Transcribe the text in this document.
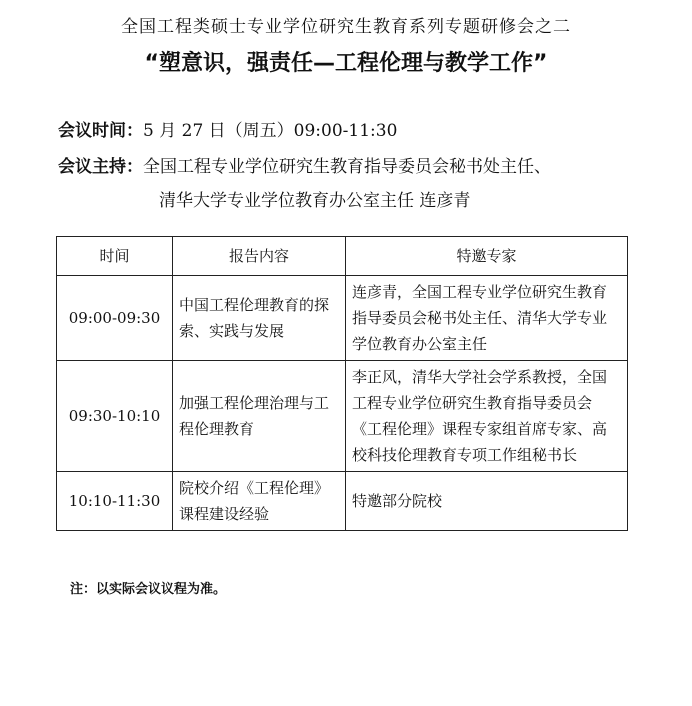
全国工程类硕士专业学位研究生教育系列专题研修会之二
“塑意识，强责任—工程伦理与教学工作”
会议时间：5 月 27 日（周五）09:00-11:30
会议主持：全国工程专业学位研究生教育指导委员会秘书处主任、
清华大学专业学位教育办公室主任 连彦青
时间	报告内容	特邀专家
09:00-09:30	中国工程伦理教育的探索、实践与发展	连彦青，全国工程专业学位研究生教育指导委员会秘书处主任、清华大学专业学位教育办公室主任
09:30-10:10	加强工程伦理治理与工程伦理教育	李正风，清华大学社会学系教授，全国工程专业学位研究生教育指导委员会《工程伦理》课程专家组首席专家、高校科技伦理教育专项工作组秘书长
10:10-11:30	院校介绍《工程伦理》课程建设经验	特邀部分院校
注：以实际会议议程为准。
